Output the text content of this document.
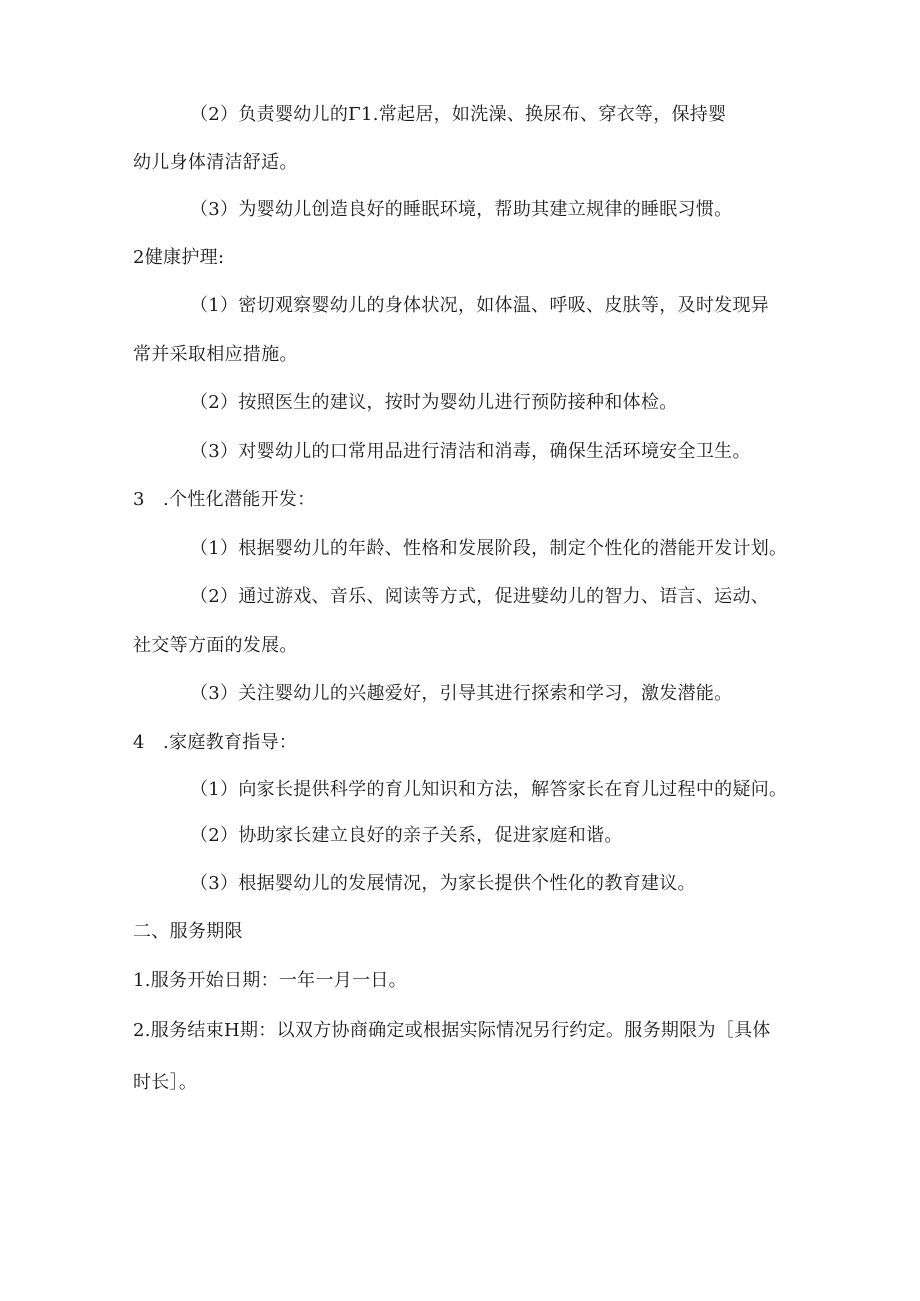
（2）负责婴幼儿的Γ1.常起居，如洗澡、换尿布、穿衣等，保持婴
幼儿身体清洁舒适。
（3）为婴幼儿创造良好的睡眠环境，帮助其建立规律的睡眠习惯。
2健康护理:
（1）密切观察婴幼儿的身体状况，如体温、呼吸、皮肤等，及时发现异
常并采取相应措施。
（2）按照医生的建议，按时为婴幼儿进行预防接种和体检。
（3）对婴幼儿的口常用品进行清洁和消毒，确保生活环境安全卫生。
3　.个性化潜能开发：
（1）根据婴幼儿的年龄、性格和发展阶段，制定个性化的潜能开发计划。
（2）通过游戏、音乐、阅读等方式，促进嬖幼儿的智力、语言、运动、
社交等方面的发展。
（3）关注婴幼儿的兴趣爱好，引导其进行探索和学习，激发潜能。
4　.家庭教育指导：
（1）向家长提供科学的育儿知识和方法，解答家长在育儿过程中的疑问。
（2）协助家长建立良好的亲子关系，促进家庭和谐。
（3）根据婴幼儿的发展情况，为家长提供个性化的教育建议。
二、服务期限
1.服务开始日期：一年一月一日。
2.服务结束H期：以双方协商确定或根据实际情况另行约定。服务期限为［具体
时长］。
